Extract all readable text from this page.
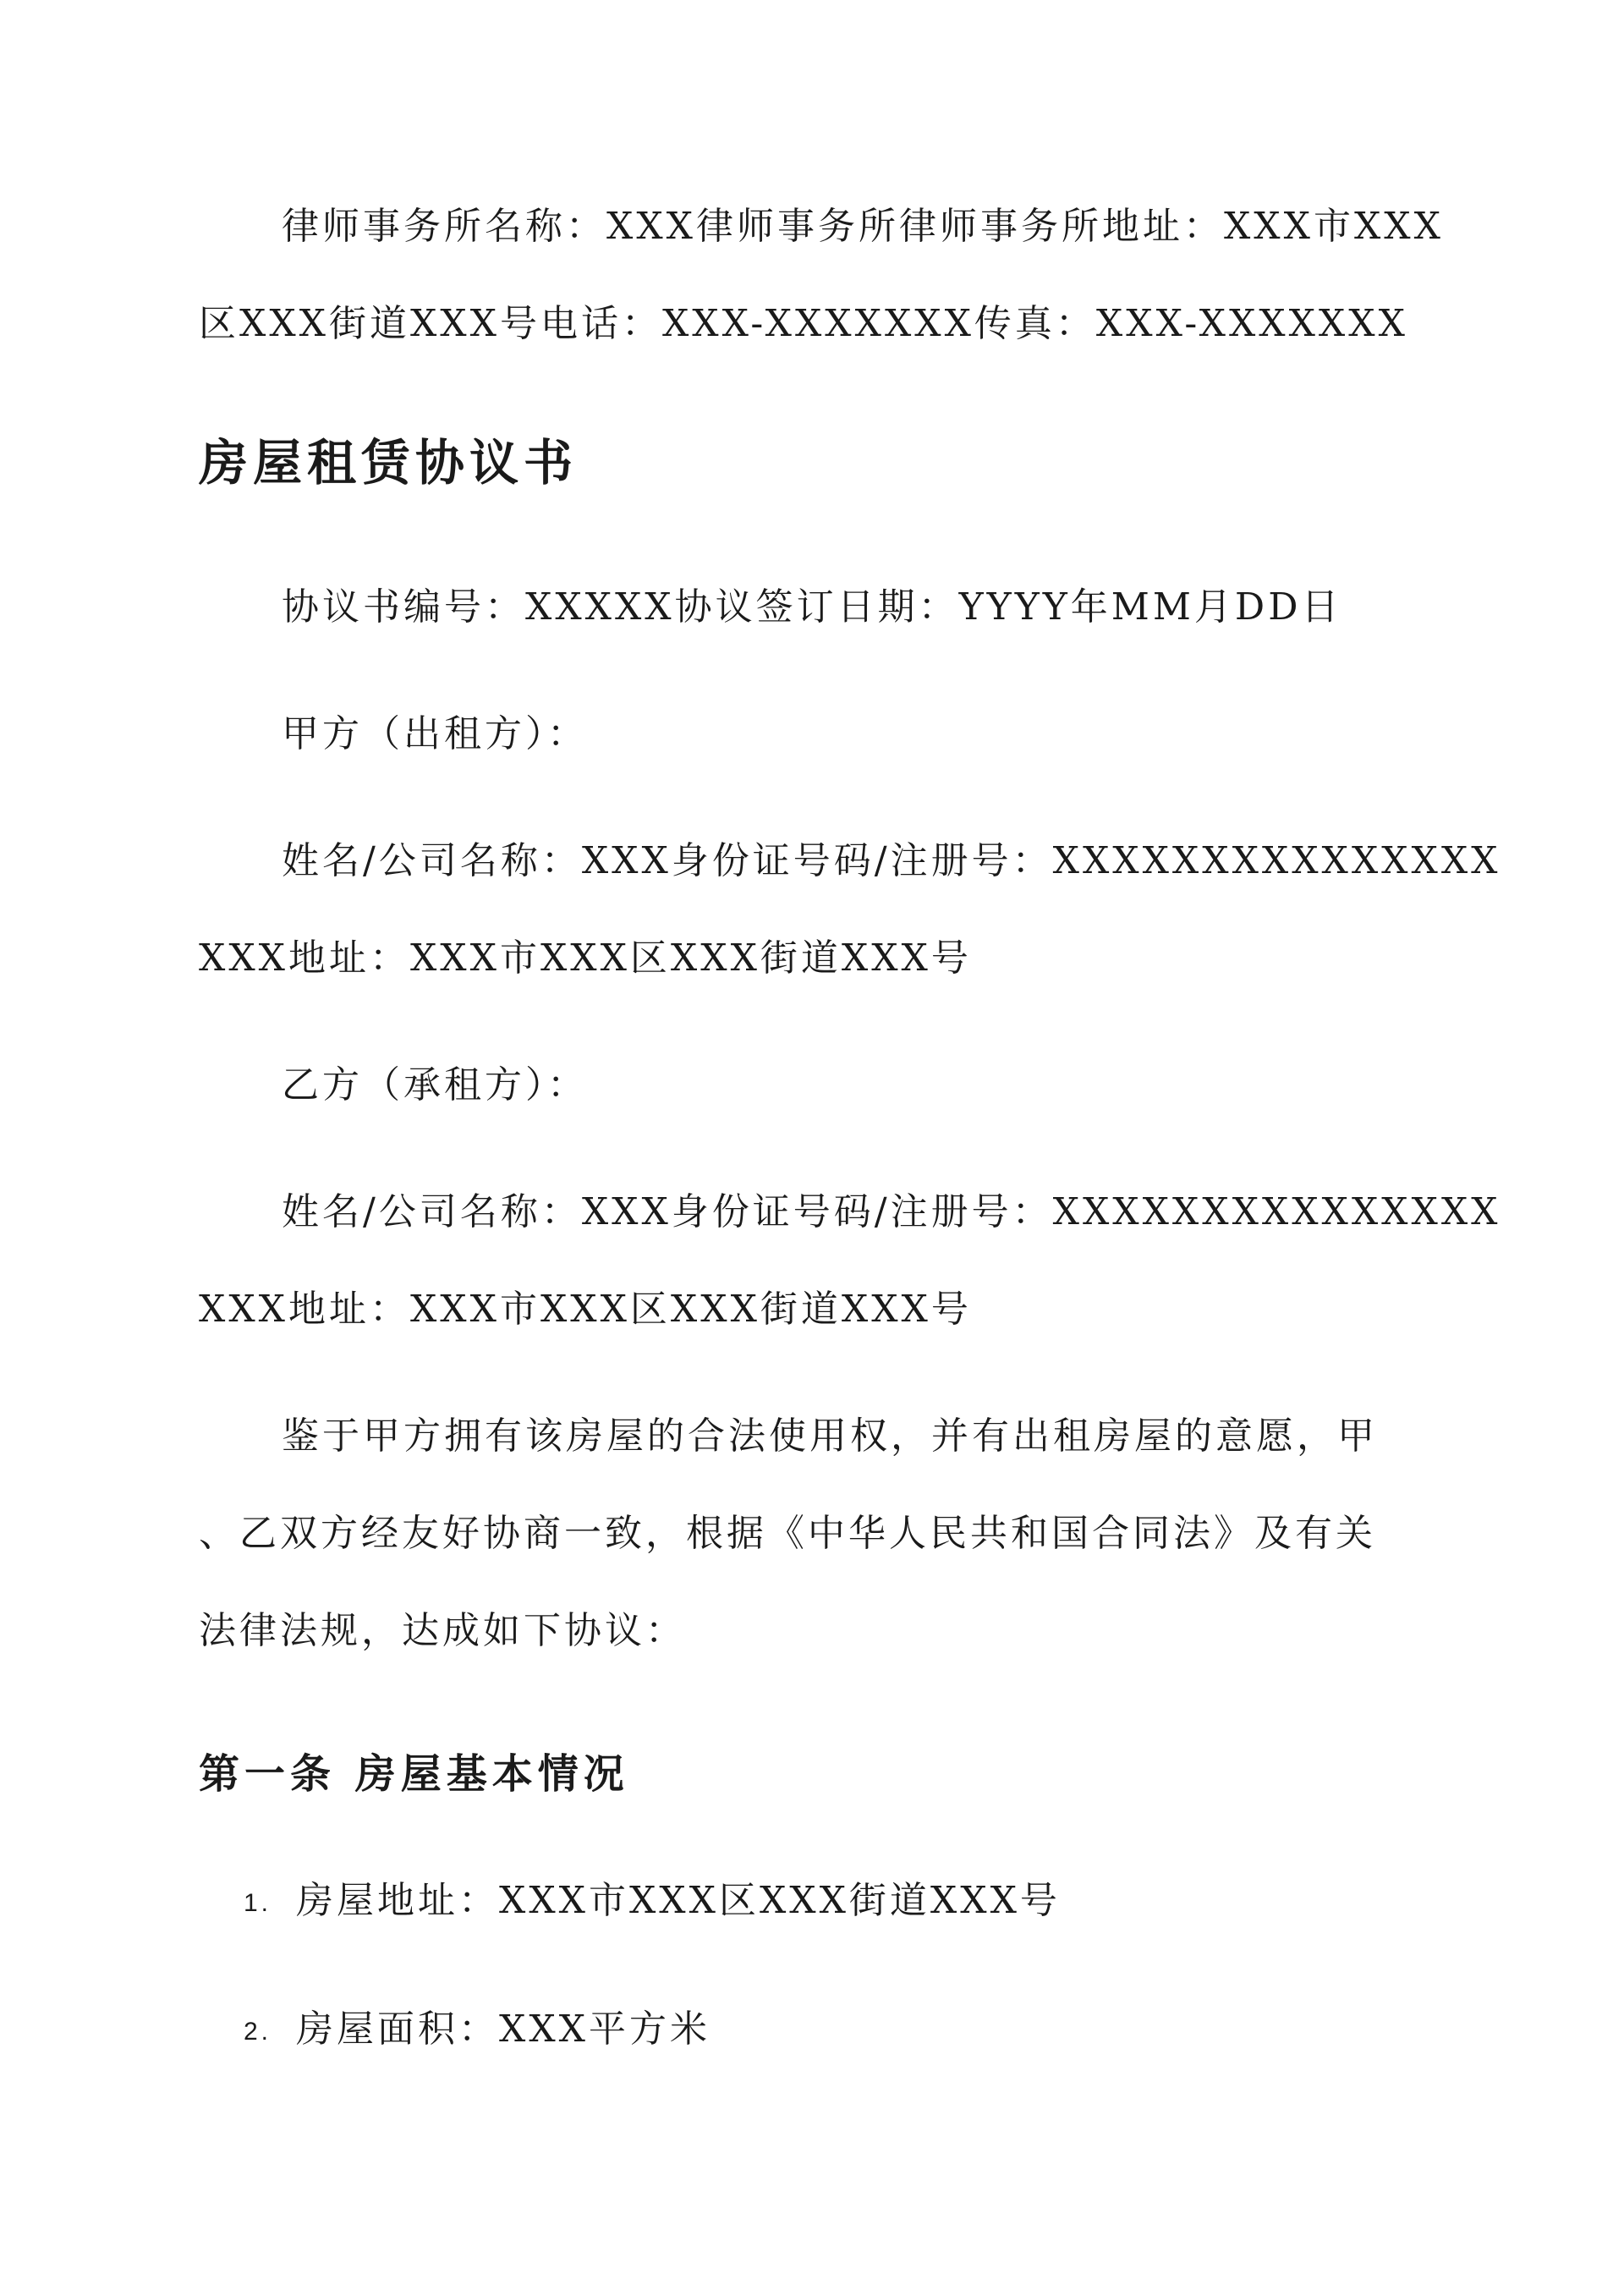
律师事务所名称：XXX律师事务所律师事务所地址：XXX市XXX
区XXX街道XXX号电话：XXX-XXXXXXX传真：XXX-XXXXXXX

房屋租赁协议书

协议书编号：XXXXX协议签订日期：YYYY年MM月DD日

甲方（出租方）：

姓名/公司名称：XXX身份证号码/注册号：XXXXXXXXXXXXXXX
XXX地址：XXX市XXX区XXX街道XXX号

乙方（承租方）：

姓名/公司名称：XXX身份证号码/注册号：XXXXXXXXXXXXXXX
XXX地址：XXX市XXX区XXX街道XXX号

鉴于甲方拥有该房屋的合法使用权，并有出租房屋的意愿，甲
、乙双方经友好协商一致，根据《中华人民共和国合同法》及有关
法律法规，达成如下协议：

第一条 房屋基本情况
1. 房屋地址：XXX市XXX区XXX街道XXX号
2. 房屋面积：XXX平方米
